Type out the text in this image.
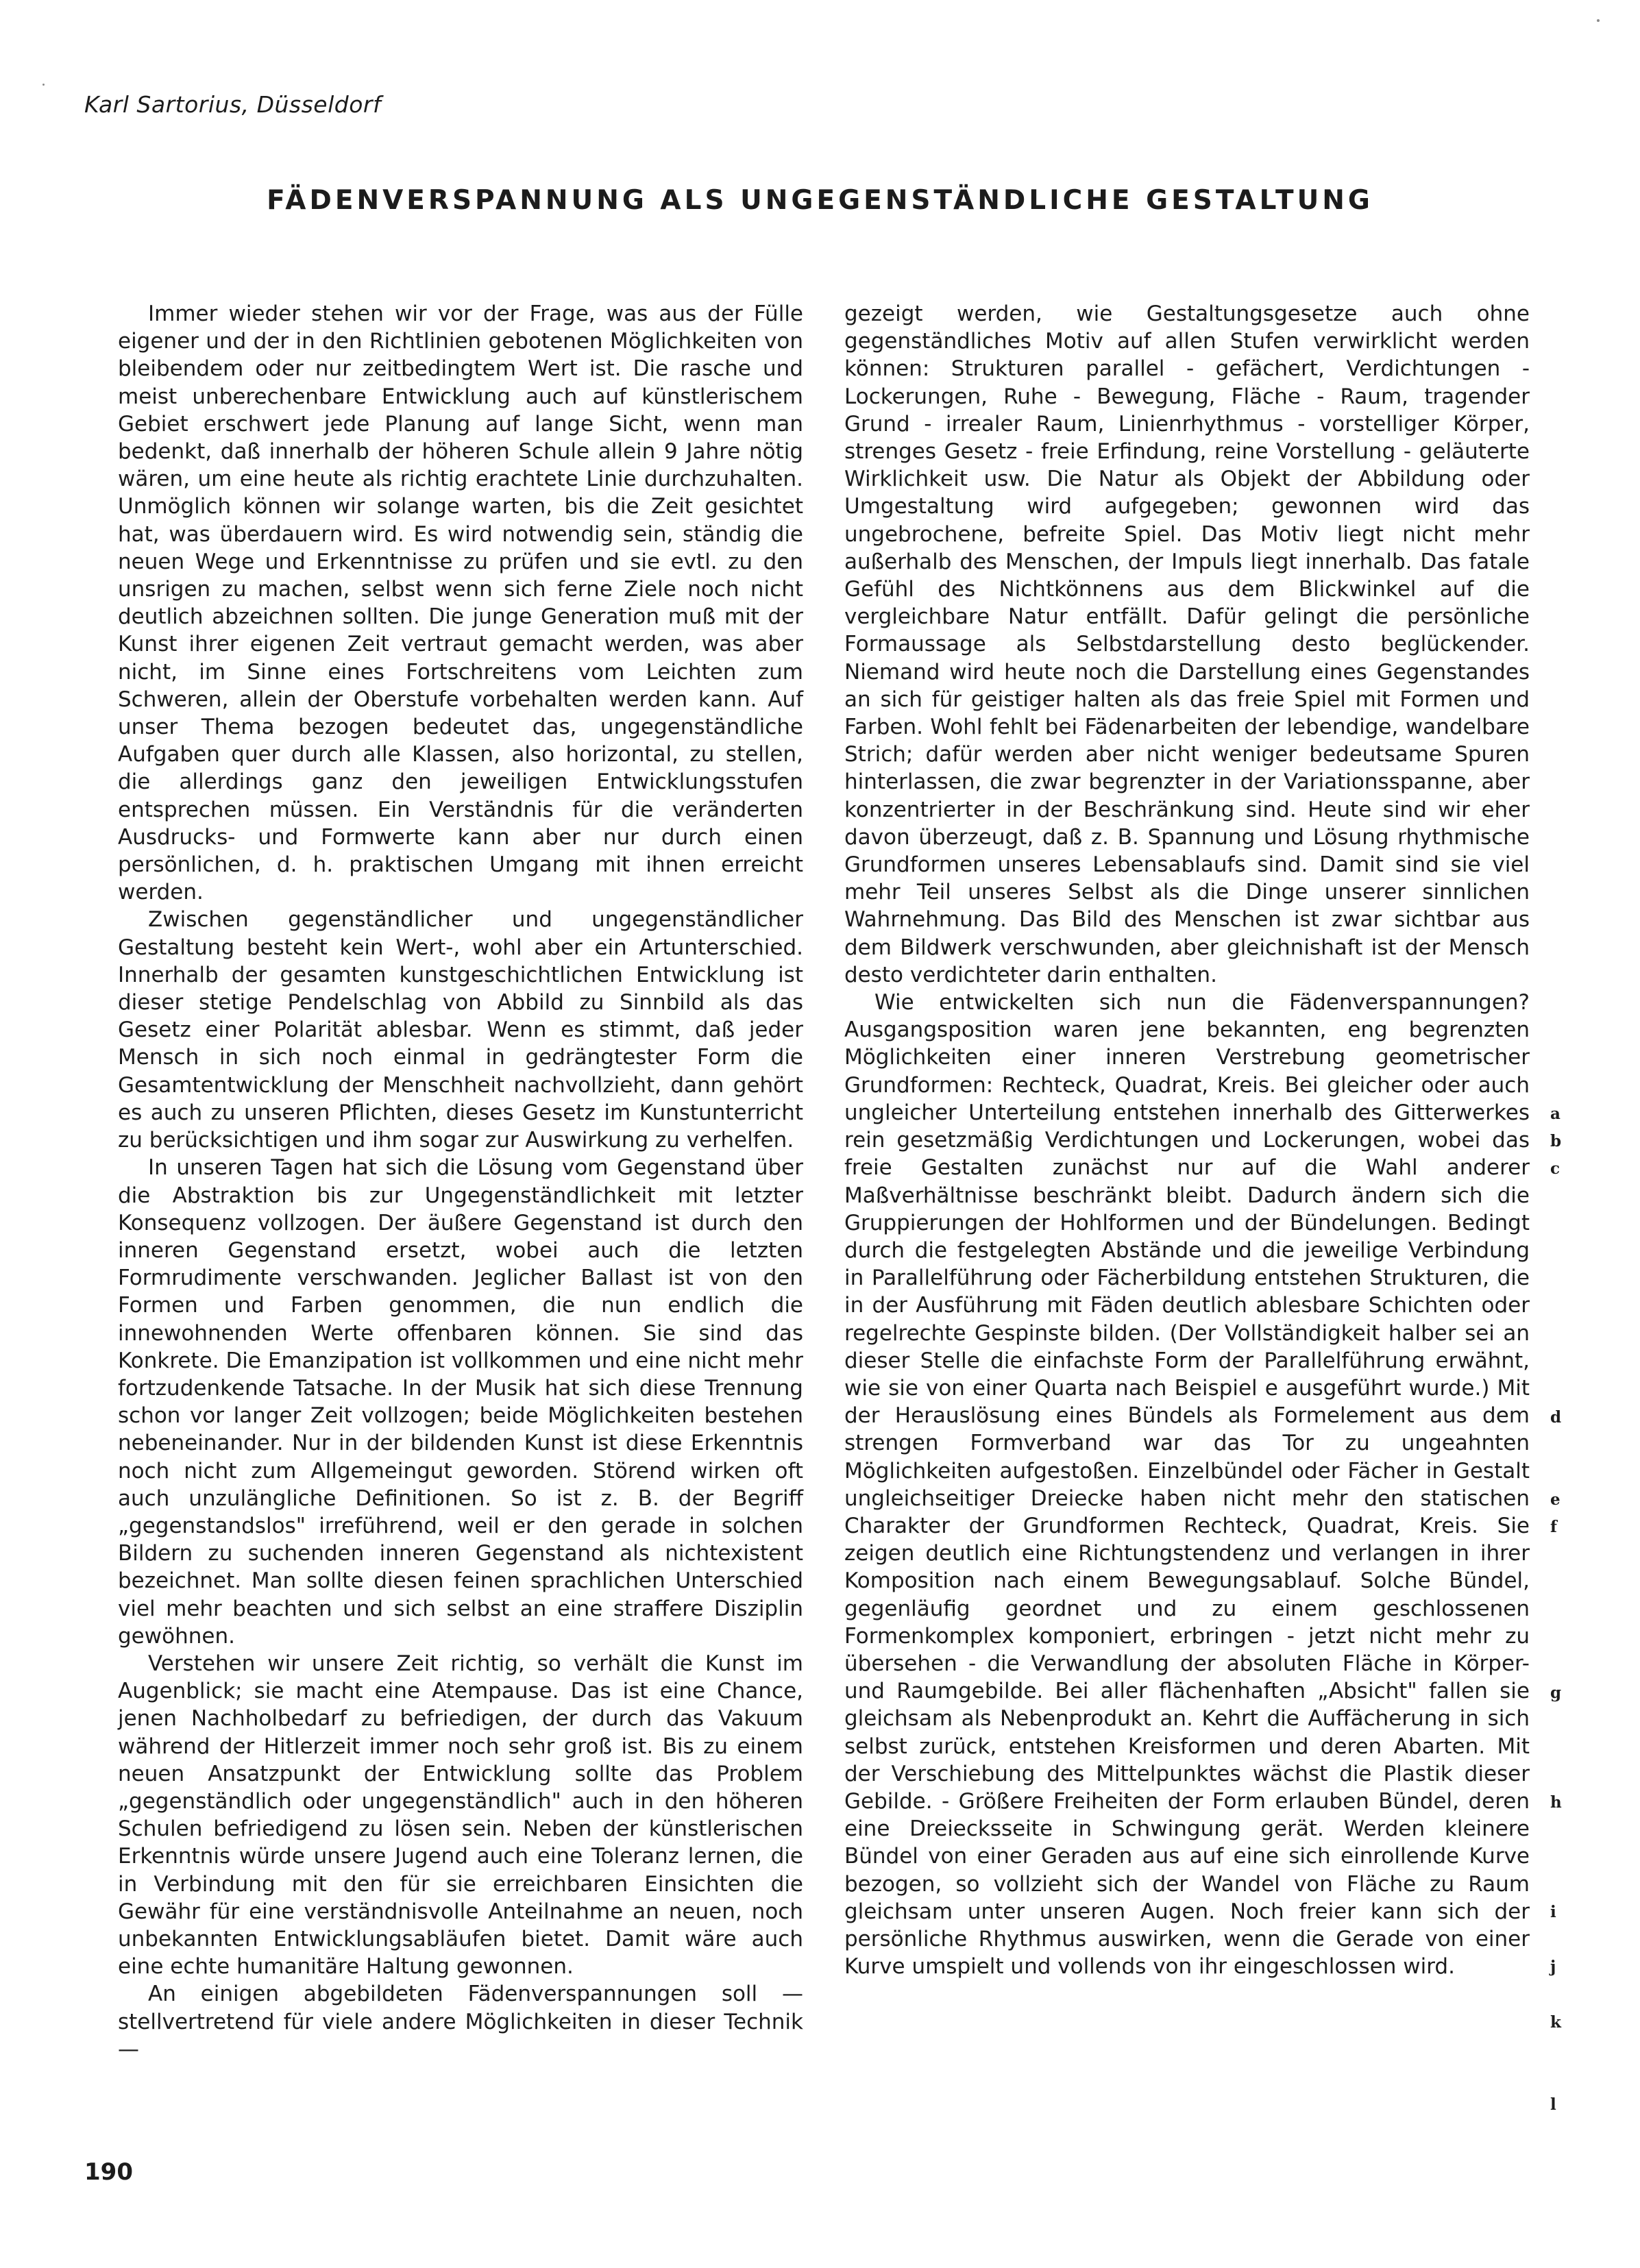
Karl Sartorius, Düsseldorf
FÄDENVERSPANNUNG ALS UNGEGENSTÄNDLICHE GESTALTUNG

Immer wieder stehen wir vor der Frage, was aus der Fülle eigener und der in den Richtlinien gebotenen Möglichkeiten von bleibendem oder nur zeitbedingtem Wert ist. Die rasche und meist unberechenbare Entwicklung auch auf künstlerischem Gebiet erschwert jede Planung auf lange Sicht, wenn man bedenkt, daß innerhalb der höheren Schule allein 9 Jahre nötig wären, um eine heute als richtig erachtete Linie durchzuhalten. Unmöglich können wir solange warten, bis die Zeit gesichtet hat, was überdauern wird. Es wird notwendig sein, ständig die neuen Wege und Erkenntnisse zu prüfen und sie evtl. zu den unsrigen zu machen, selbst wenn sich ferne Ziele noch nicht deutlich abzeichnen sollten. Die junge Generation muß mit der Kunst ihrer eigenen Zeit vertraut gemacht werden, was aber nicht, im Sinne eines Fortschreitens vom Leichten zum Schweren, allein der Oberstufe vorbehalten werden kann. Auf unser Thema bezogen bedeutet das, ungegenständliche Aufgaben quer durch alle Klassen, also horizontal, zu stellen, die allerdings ganz den jeweiligen Entwicklungsstufen entsprechen müssen. Ein Verständnis für die veränderten Ausdrucks- und Formwerte kann aber nur durch einen persönlichen, d. h. praktischen Umgang mit ihnen erreicht werden.

Zwischen gegenständlicher und ungegenständlicher Gestaltung besteht kein Wert-, wohl aber ein Artunterschied. Innerhalb der gesamten kunstgeschichtlichen Entwicklung ist dieser stetige Pendelschlag von Abbild zu Sinnbild als das Gesetz einer Polarität ablesbar. Wenn es stimmt, daß jeder Mensch in sich noch einmal in gedrängtester Form die Gesamtentwicklung der Menschheit nachvollzieht, dann gehört es auch zu unseren Pflichten, dieses Gesetz im Kunstunterricht zu berücksichtigen und ihm sogar zur Auswirkung zu verhelfen.

In unseren Tagen hat sich die Lösung vom Gegenstand über die Abstraktion bis zur Ungegenständlichkeit mit letzter Konsequenz vollzogen. Der äußere Gegenstand ist durch den inneren Gegenstand ersetzt, wobei auch die letzten Formrudimente verschwanden. Jeglicher Ballast ist von den Formen und Farben genommen, die nun endlich die innewohnenden Werte offenbaren können. Sie sind das Konkrete. Die Emanzipation ist vollkommen und eine nicht mehr fortzudenkende Tatsache. In der Musik hat sich diese Trennung schon vor langer Zeit vollzogen; beide Möglichkeiten bestehen nebeneinander. Nur in der bildenden Kunst ist diese Erkenntnis noch nicht zum Allgemeingut geworden. Störend wirken oft auch unzulängliche Definitionen. So ist z. B. der Begriff „gegenstandslos" irreführend, weil er den gerade in solchen Bildern zu suchenden inneren Gegenstand als nichtexistent bezeichnet. Man sollte diesen feinen sprachlichen Unterschied viel mehr beachten und sich selbst an eine straffere Disziplin gewöhnen.

Verstehen wir unsere Zeit richtig, so verhält die Kunst im Augenblick; sie macht eine Atempause. Das ist eine Chance, jenen Nachholbedarf zu befriedigen, der durch das Vakuum während der Hitlerzeit immer noch sehr groß ist. Bis zu einem neuen Ansatzpunkt der Entwicklung sollte das Problem „gegenständlich oder ungegenständlich" auch in den höheren Schulen befriedigend zu lösen sein. Neben der künstlerischen Erkenntnis würde unsere Jugend auch eine Toleranz lernen, die in Verbindung mit den für sie erreichbaren Einsichten die Gewähr für eine verständnisvolle Anteilnahme an neuen, noch unbekannten Entwicklungsabläufen bietet. Damit wäre auch eine echte humanitäre Haltung gewonnen.

An einigen abgebildeten Fädenverspannungen soll — stellvertretend für viele andere Möglichkeiten in dieser Technik —

gezeigt werden, wie Gestaltungsgesetze auch ohne gegenständliches Motiv auf allen Stufen verwirklicht werden können: Strukturen parallel - gefächert, Verdichtungen - Lockerungen, Ruhe - Bewegung, Fläche - Raum, tragender Grund - irrealer Raum, Linienrhythmus - vorstelliger Körper, strenges Gesetz - freie Erfindung, reine Vorstellung - geläuterte Wirklichkeit usw. Die Natur als Objekt der Abbildung oder Umgestaltung wird aufgegeben; gewonnen wird das ungebrochene, befreite Spiel. Das Motiv liegt nicht mehr außerhalb des Menschen, der Impuls liegt innerhalb. Das fatale Gefühl des Nichtkönnens aus dem Blickwinkel auf die vergleichbare Natur entfällt. Dafür gelingt die persönliche Formaussage als Selbstdarstellung desto beglückender. Niemand wird heute noch die Darstellung eines Gegenstandes an sich für geistiger halten als das freie Spiel mit Formen und Farben. Wohl fehlt bei Fädenarbeiten der lebendige, wandelbare Strich; dafür werden aber nicht weniger bedeutsame Spuren hinterlassen, die zwar begrenzter in der Variationsspanne, aber konzentrierter in der Beschränkung sind. Heute sind wir eher davon überzeugt, daß z. B. Spannung und Lösung rhythmische Grundformen unseres Lebensablaufs sind. Damit sind sie viel mehr Teil unseres Selbst als die Dinge unserer sinnlichen Wahrnehmung. Das Bild des Menschen ist zwar sichtbar aus dem Bildwerk verschwunden, aber gleichnishaft ist der Mensch desto verdichteter darin enthalten.

Wie entwickelten sich nun die Fädenverspannungen? Ausgangsposition waren jene bekannten, eng begrenzten Möglichkeiten einer inneren Verstrebung geometrischer Grundformen: Rechteck, Quadrat, Kreis. Bei gleicher oder auch ungleicher Unterteilung entstehen innerhalb des Gitterwerkes rein gesetzmäßig Verdichtungen und Lockerungen, wobei das freie Gestalten zunächst nur auf die Wahl anderer Maßverhältnisse beschränkt bleibt. Dadurch ändern sich die Gruppierungen der Hohlformen und der Bündelungen. Bedingt durch die festgelegten Abstände und die jeweilige Verbindung in Parallelführung oder Fächerbildung entstehen Strukturen, die in der Ausführung mit Fäden deutlich ablesbare Schichten oder regelrechte Gespinste bilden. (Der Vollständigkeit halber sei an dieser Stelle die einfachste Form der Parallelführung erwähnt, wie sie von einer Quarta nach Beispiel e ausgeführt wurde.) Mit der Herauslösung eines Bündels als Formelement aus dem strengen Formverband war das Tor zu ungeahnten Möglichkeiten aufgestoßen. Einzelbündel oder Fächer in Gestalt ungleichseitiger Dreiecke haben nicht mehr den statischen Charakter der Grundformen Rechteck, Quadrat, Kreis. Sie zeigen deutlich eine Richtungstendenz und verlangen in ihrer Komposition nach einem Bewegungsablauf. Solche Bündel, gegenläufig geordnet und zu einem geschlossenen Formenkomplex komponiert, erbringen - jetzt nicht mehr zu übersehen - die Verwandlung der absoluten Fläche in Körper- und Raumgebilde. Bei aller flächenhaften „Absicht" fallen sie gleichsam als Nebenprodukt an. Kehrt die Auffächerung in sich selbst zurück, entstehen Kreisformen und deren Abarten. Mit der Verschiebung des Mittelpunktes wächst die Plastik dieser Gebilde. - Größere Freiheiten der Form erlauben Bündel, deren eine Dreiecksseite in Schwingung gerät. Werden kleinere Bündel von einer Geraden aus auf eine sich einrollende Kurve bezogen, so vollzieht sich der Wandel von Fläche zu Raum gleichsam unter unseren Augen. Noch freier kann sich der persönliche Rhythmus auswirken, wenn die Gerade von einer Kurve umspielt und vollends von ihr eingeschlossen wird.

a
b
c
d
e
f
g
h
i
j
k
l
190
